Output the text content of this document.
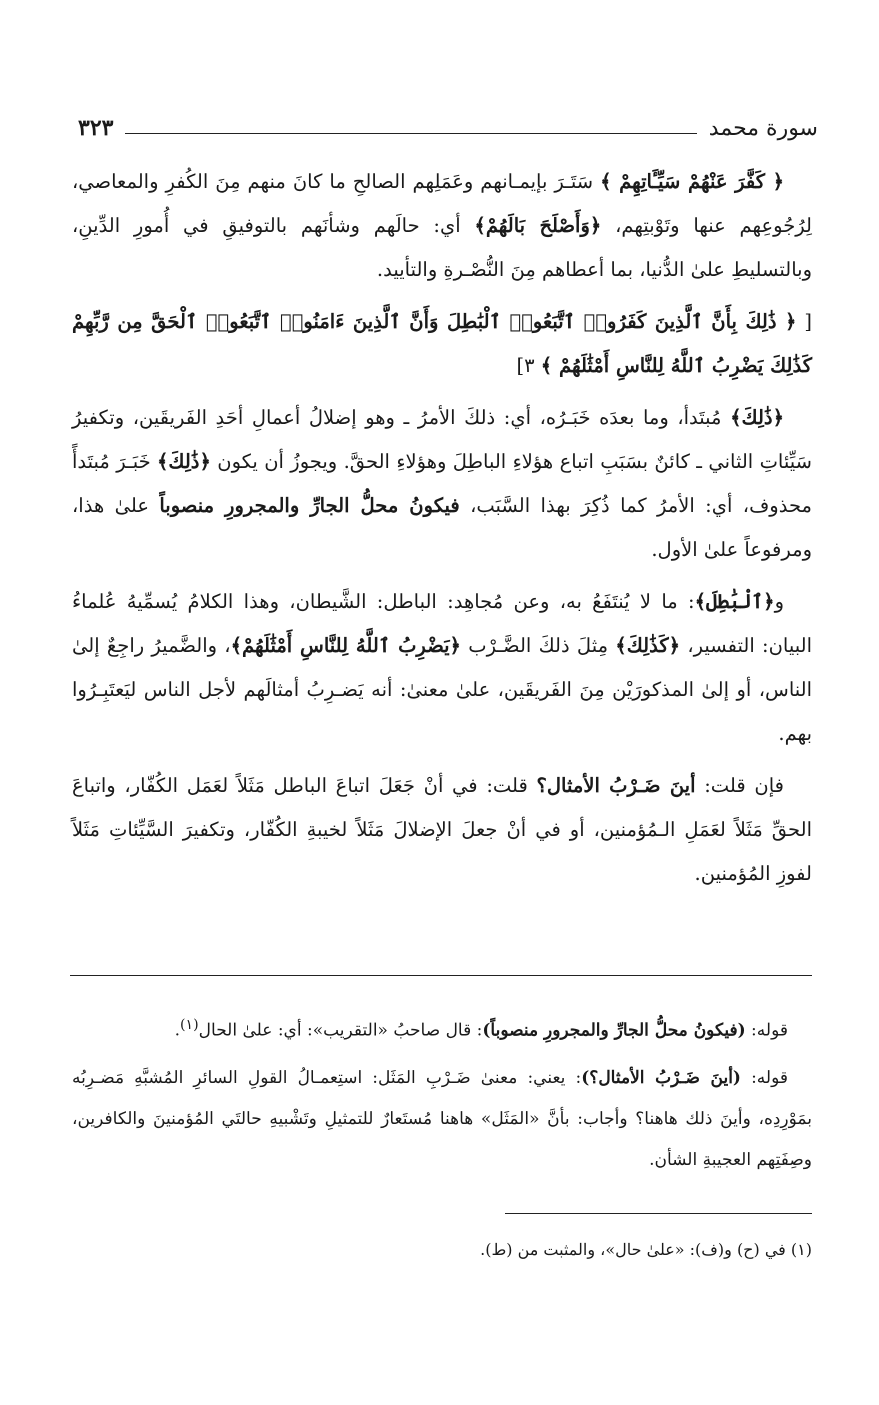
سورة محمد
٣٢٣

﴿ كَفَّرَ عَنْهُمْ سَيِّـَٔاتِهِمْ ﴾ سَتَـرَ بإيمـانهم وعَمَلِهم الصالحِ ما كانَ منهم مِنَ الكُفرِ والمعاصي، لِرُجُوعِهم عنها وتَوْبتِهم، ﴿وَأَصْلَحَ بَالَهُمْ﴾ أي: حالَهم وشأنَهم بالتوفيقِ في أُمورِ الدِّينِ، وبالتسليطِ علىٰ الدُّنيا، بما أعطاهم مِنَ النُّصْـرةِ والتأييد.

[ ﴿ ذَٰلِكَ بِأَنَّ ٱلَّذِينَ كَفَرُوا۟ ٱتَّبَعُوا۟ ٱلْبَٰطِلَ وَأَنَّ ٱلَّذِينَ ءَامَنُوا۟ ٱتَّبَعُوا۟ ٱلْحَقَّ مِن رَّبِّهِمْ كَذَٰلِكَ يَضْرِبُ ٱللَّهُ لِلنَّاسِ أَمْثَٰلَهُمْ ﴾ ٣]

﴿ذَٰلِكَ﴾ مُبتَدأ، وما بعدَه خَبَـرُه، أي: ذلكَ الأمرُ ـ وهو إضلالُ أعمالِ أحَدِ الفَريقَين، وتكفيرُ سَيِّئاتِ الثاني ـ كائنٌ بسَبَبِ اتباع هؤلاءِ الباطِلَ وهؤلاءِ الحقَّ. ويجوزُ أن يكون ﴿ذَٰلِكَ﴾ خَبَـرَ مُبتَدأً محذوف، أي: الأمرُ كما ذُكِرَ بهذا السَّبَب، فيكونُ محلُّ الجارِّ والمجرورِ منصوباً علىٰ هذا، ومرفوعاً علىٰ الأول.

و﴿ٱلْبَٰطِلَ﴾: ما لا يُنتَفَعُ به، وعن مُجاهِد: الباطل: الشَّيطان، وهذا الكلامُ يُسمِّيهُ عُلماءُ البيان: التفسير، ﴿كَذَٰلِكَ﴾ مِثلَ ذلكَ الضَّـرْب ﴿يَضْرِبُ ٱللَّهُ لِلنَّاسِ أَمْثَٰلَهُمْ﴾، والضَّميرُ راجِعٌ إلىٰ الناس، أو إلىٰ المذكورَيْن مِنَ الفَريقَين، علىٰ معنىٰ: أنه يَضـرِبُ أمثالَهم لأجل الناس ليَعتَبِـرُوا بهم.

فإن قلت: أينَ ضَـرْبُ الأمثال؟ قلت: في أنْ جَعَلَ اتباعَ الباطل مَثَلاً لعَمَل الكُفّار، واتباعَ الحقِّ مَثَلاً لعَمَلِ الـمُؤمنين، أو في أنْ جعلَ الإضلالَ مَثَلاً لخيبةِ الكُفّار، وتكفيرَ السَّيِّئاتِ مَثَلاً لفوزِ المُؤمنين.

قوله: (فيكونُ محلُّ الجارِّ والمجرورِ منصوباً): قال صاحبُ «التقريب»: أي: علىٰ الحال$^{(١)}$.

قوله: (أينَ ضَـرْبُ الأمثال؟): يعني: معنىٰ ضَـرْبِ المَثَل: استِعمـالُ القولِ السائرِ المُشبَّهِ مَضـرِبُه بمَوْرِدِه، وأينَ ذلك هاهنا؟ وأجاب: بأنَّ «المَثَل» هاهنا مُستَعارٌ للتمثيلِ وتَشْبيهِ حالتَي المُؤمنينَ والكافرين، وصِفَتِهم العجيبةِ الشأن.

(١) في (ح) و(ف): «علىٰ حال»، والمثبت من (ط).
